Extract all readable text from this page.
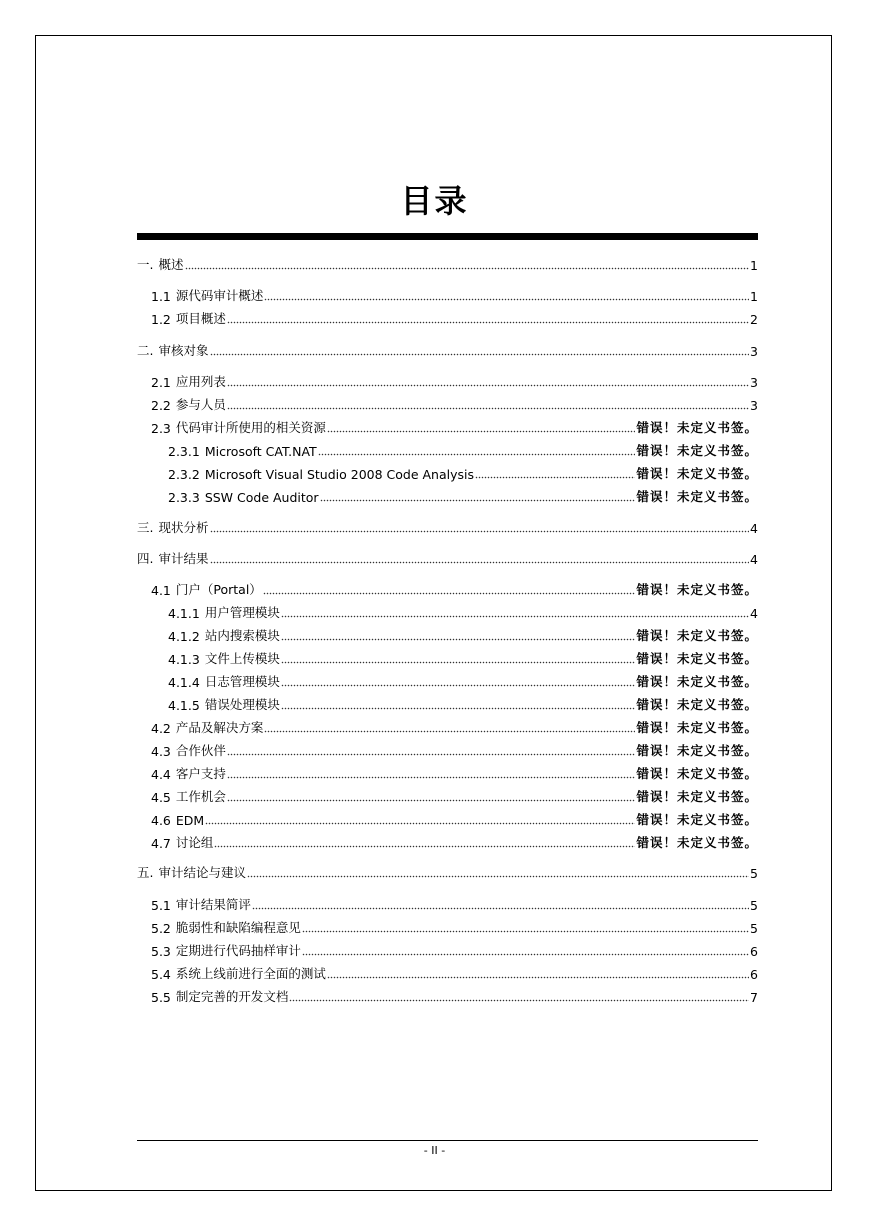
目录
一. 概述	1
1.1 源代码审计概述	1
1.2 项目概述	2
二. 审核对象	3
2.1 应用列表	3
2.2 参与人员	3
2.3 代码审计所使用的相关资源	错误！未定义书签。
2.3.1 Microsoft CAT.NAT	错误！未定义书签。
2.3.2 Microsoft Visual Studio 2008 Code Analysis	错误！未定义书签。
2.3.3 SSW Code Auditor	错误！未定义书签。
三. 现状分析	4
四. 审计结果	4
4.1 门户（Portal）	错误！未定义书签。
4.1.1 用户管理模块	4
4.1.2 站内搜索模块	错误！未定义书签。
4.1.3 文件上传模块	错误！未定义书签。
4.1.4 日志管理模块	错误！未定义书签。
4.1.5 错误处理模块	错误！未定义书签。
4.2 产品及解决方案	错误！未定义书签。
4.3 合作伙伴	错误！未定义书签。
4.4 客户支持	错误！未定义书签。
4.5 工作机会	错误！未定义书签。
4.6 EDM	错误！未定义书签。
4.7 讨论组	错误！未定义书签。
五. 审计结论与建议	5
5.1 审计结果简评	5
5.2 脆弱性和缺陷编程意见	5
5.3 定期进行代码抽样审计	6
5.4 系统上线前进行全面的测试	6
5.5 制定完善的开发文档	7
- II -
